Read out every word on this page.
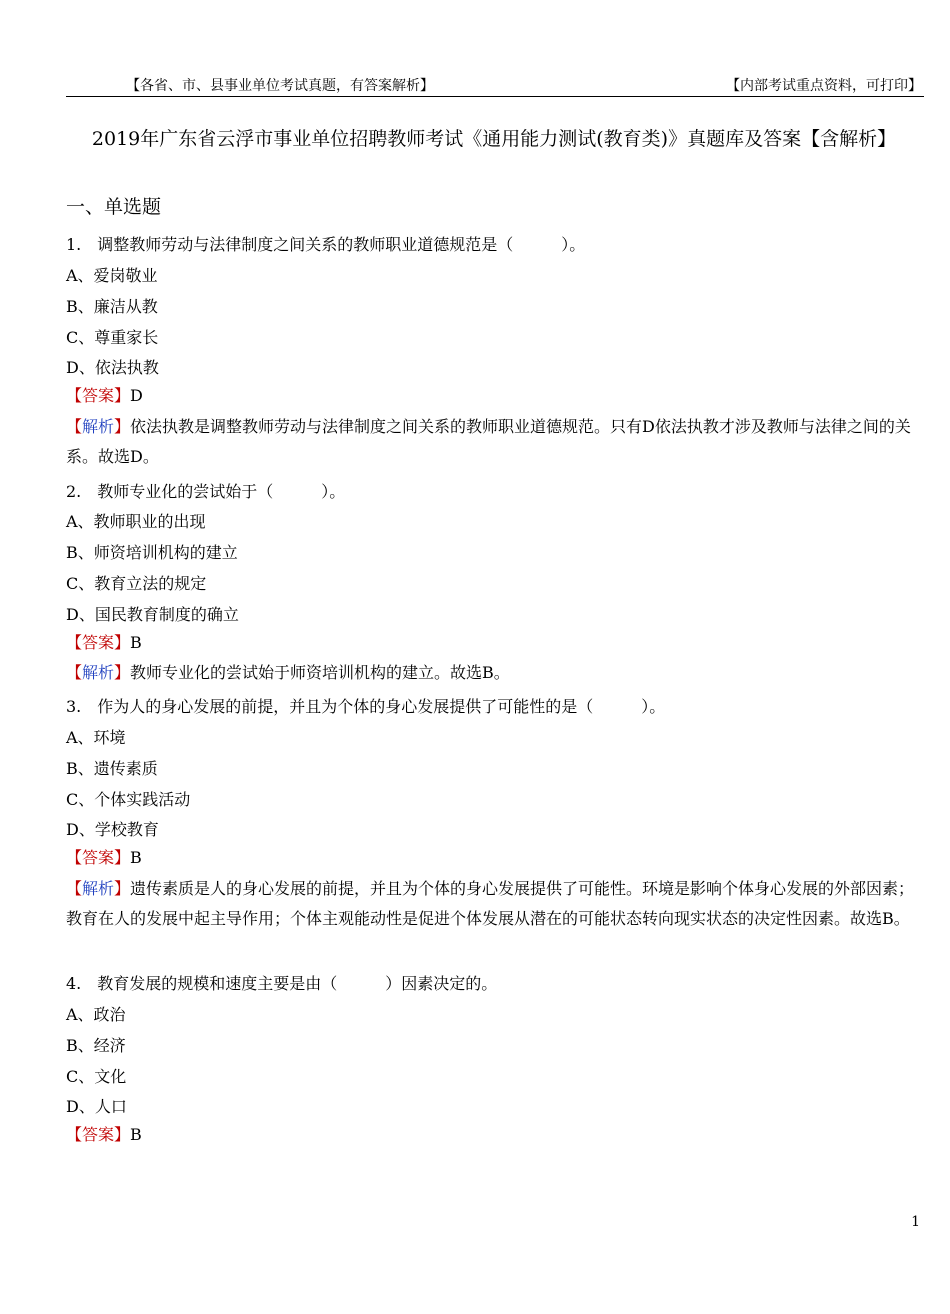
【各省、市、县事业单位考试真题，有答案解析】	【内部考试重点资料，可打印】
2019年广东省云浮市事业单位招聘教师考试《通用能力测试(教育类)》真题库及答案【含解析】
一、单选题
1.　调整教师劳动与法律制度之间关系的教师职业道德规范是（　　　）。
A、爱岗敬业
B、廉洁从教
C、尊重家长
D、依法执教
【答案】D
【解析】依法执教是调整教师劳动与法律制度之间关系的教师职业道德规范。只有D依法执教才涉及教师与法律之间的关系。故选D。
2.　教师专业化的尝试始于（　　　）。
A、教师职业的出现
B、师资培训机构的建立
C、教育立法的规定
D、国民教育制度的确立
【答案】B
【解析】教师专业化的尝试始于师资培训机构的建立。故选B。
3.　作为人的身心发展的前提，并且为个体的身心发展提供了可能性的是（　　　）。
A、环境
B、遗传素质
C、个体实践活动
D、学校教育
【答案】B
【解析】遗传素质是人的身心发展的前提，并且为个体的身心发展提供了可能性。环境是影响个体身心发展的外部因素；教育在人的发展中起主导作用；个体主观能动性是促进个体发展从潜在的可能状态转向现实状态的决定性因素。故选B。
4.　教育发展的规模和速度主要是由（　　　）因素决定的。
A、政治
B、经济
C、文化
D、人口
【答案】B
1
